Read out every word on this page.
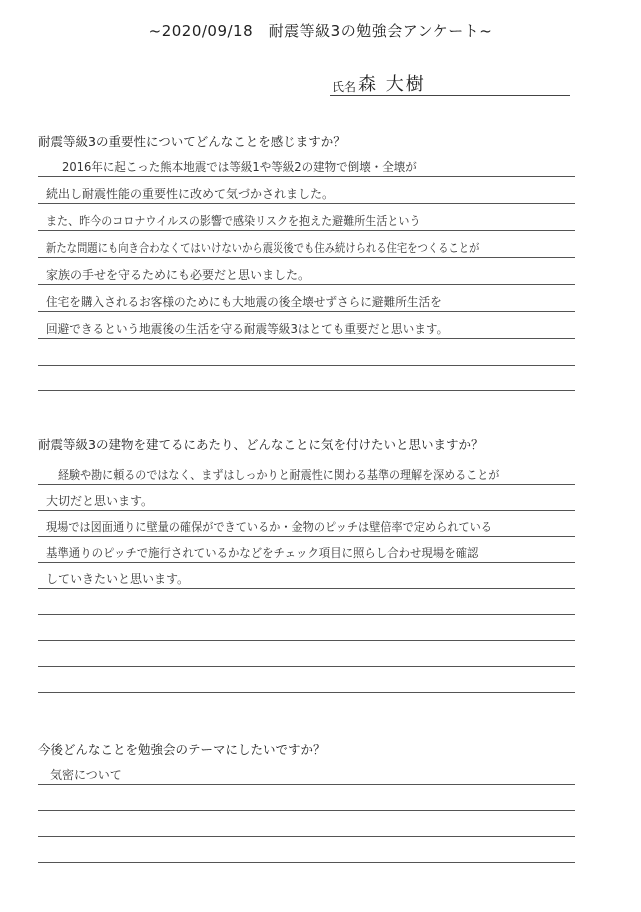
~2020/09/18　耐震等級3の勉強会アンケート~
氏名 森 大樹
耐震等級3の重要性についてどんなことを感じますか？
2016年に起こった熊本地震では等級1や等級2の建物で倒壊・全壊が
続出し耐震性能の重要性に改めて気づかされました。
また、昨今のコロナウイルスの影響で感染リスクを抱えた避難所生活という
新たな問題にも向き合わなくてはいけないから震災後でも住み続けられる住宅をつくることが
家族の手せを守るためにも必要だと思いました。
住宅を購入されるお客様のためにも大地震の後全壊せずさらに避難所生活を
回避できるという地震後の生活を守る耐震等級3はとても重要だと思います。
耐震等級3の建物を建てるにあたり、どんなことに気を付けたいと思いますか？
経験や勘に頼るのではなく、まずはしっかりと耐震性に関わる基準の理解を深めることが
大切だと思います。
現場では図面通りに壁量の確保ができているか・金物のピッチは壁倍率で定められている
基準通りのピッチで施行されているかなどをチェック項目に照らし合わせ現場を確認
していきたいと思います。
今後どんなことを勉強会のテーマにしたいですか？
気密について
